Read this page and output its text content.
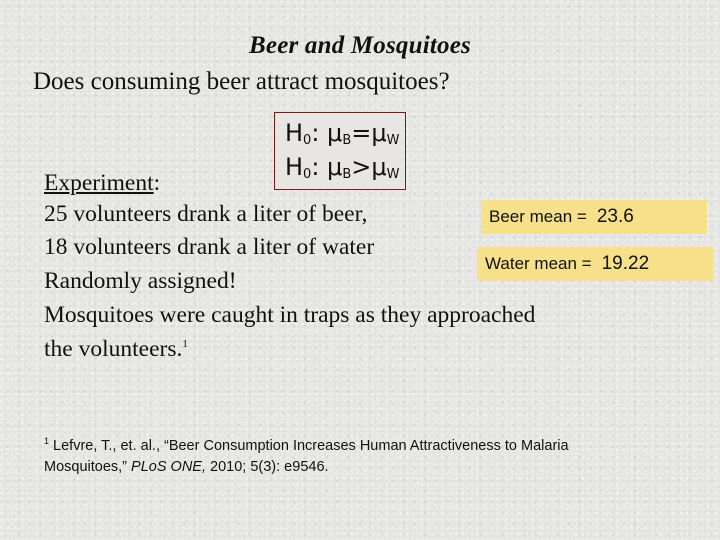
Beer and Mosquitoes
Does consuming beer attract mosquitoes?
$H_0$: $\mu_B=\mu_W$
$H_0$: $\mu_B>\mu_W$
Experiment:
25 volunteers drank a liter of beer,
18 volunteers drank a liter of water
Randomly assigned!
Mosquitoes were caught in traps as they approached
the volunteers.$^1$
Beer mean = 23.6
Water mean = 19.22
$^1$ Lefvre, T., et. al., “Beer Consumption Increases Human Attractiveness to Malaria
Mosquitoes,” PLoS ONE, 2010; 5(3): e9546.
